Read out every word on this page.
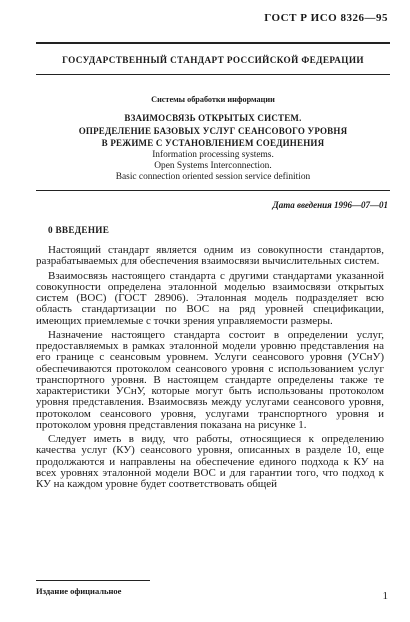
ГОСТ Р ИСО 8326—95
ГОСУДАРСТВЕННЫЙ СТАНДАРТ РОССИЙСКОЙ ФЕДЕРАЦИИ
Системы обработки информации
ВЗАИМОСВЯЗЬ ОТКРЫТЫХ СИСТЕМ.
ОПРЕДЕЛЕНИЕ БАЗОВЫХ УСЛУГ СЕАНСОВОГО УРОВНЯ
В РЕЖИМЕ С УСТАНОВЛЕНИЕМ СОЕДИНЕНИЯ
Information processing systems.
Open Systems Interconnection.
Basic connection oriented session service definition
Дата введения 1996—07—01
0 ВВЕДЕНИЕ

Настоящий стандарт является одним из совокупности стандартов, разрабатываемых для обеспечения взаимосвязи вычислительных систем.

Взаимосвязь настоящего стандарта с другими стандартами указанной совокупности определена эталонной моделью взаимосвязи открытых систем (ВОС) (ГОСТ 28906). Эталонная модель подразделяет всю область стандартизации по ВОС на ряд уровней спецификации, имеющих приемлемые с точки зрения управляемости размеры.

Назначение настоящего стандарта состоит в определении услуг, предоставляемых в рамках эталонной модели уровню представления на его границе с сеансовым уровнем. Услуги сеансового уровня (УСнУ) обеспечиваются протоколом сеансового уровня с использованием услуг транспортного уровня. В настоящем стандарте определены также те характеристики УСнУ, которые могут быть использованы протоколом уровня представления. Взаимосвязь между услугами сеансового уровня, протоколом сеансового уровня, услугами транспортного уровня и протоколом уровня представления показана на рисунке 1.

Следует иметь в виду, что работы, относящиеся к определению качества услуг (КУ) сеансового уровня, описанных в разделе 10, еще продолжаются и направлены на обеспечение единого подхода к КУ на всех уровнях эталонной модели ВОС и для гарантии того, что подход к КУ на каждом уровне будет соответствовать общей

Издание официальное	1
